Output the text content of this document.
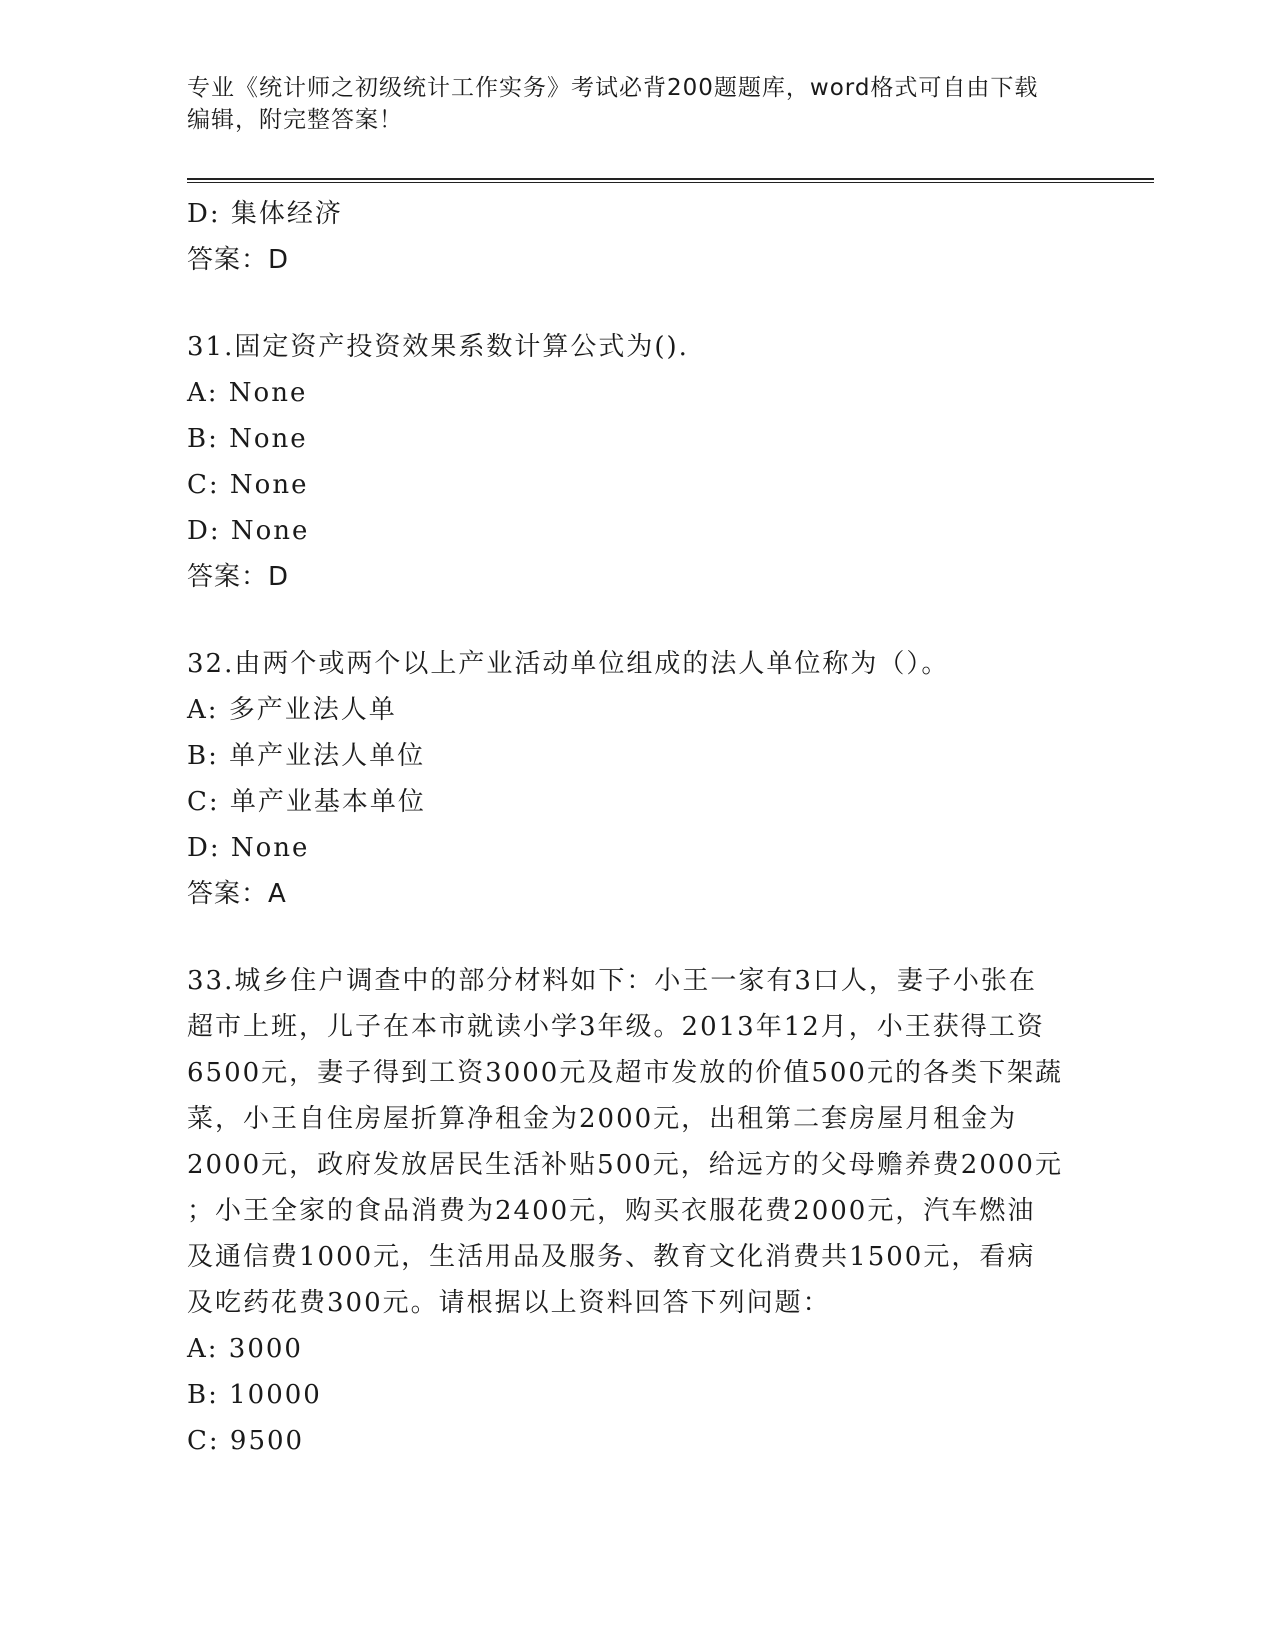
专业《统计师之初级统计工作实务》考试必背200题题库，word格式可自由下载
编辑，附完整答案！
D: 集体经济
答案：D
31.固定资产投资效果系数计算公式为().
A: None
B: None
C: None
D: None
答案：D
32.由两个或两个以上产业活动单位组成的法人单位称为（）。
A: 多产业法人单
B: 单产业法人单位
C: 单产业基本单位
D: None
答案：A
33.城乡住户调查中的部分材料如下：小王一家有3口人，妻子小张在
超市上班，儿子在本市就读小学3年级。2013年12月，小王获得工资
6500元，妻子得到工资3000元及超市发放的价值500元的各类下架蔬
菜，小王自住房屋折算净租金为2000元，出租第二套房屋月租金为
2000元，政府发放居民生活补贴500元，给远方的父母赡养费2000元
；小王全家的食品消费为2400元，购买衣服花费2000元，汽车燃油
及通信费1000元，生活用品及服务、教育文化消费共1500元，看病
及吃药花费300元。请根据以上资料回答下列问题：
A: 3000
B: 10000
C: 9500
